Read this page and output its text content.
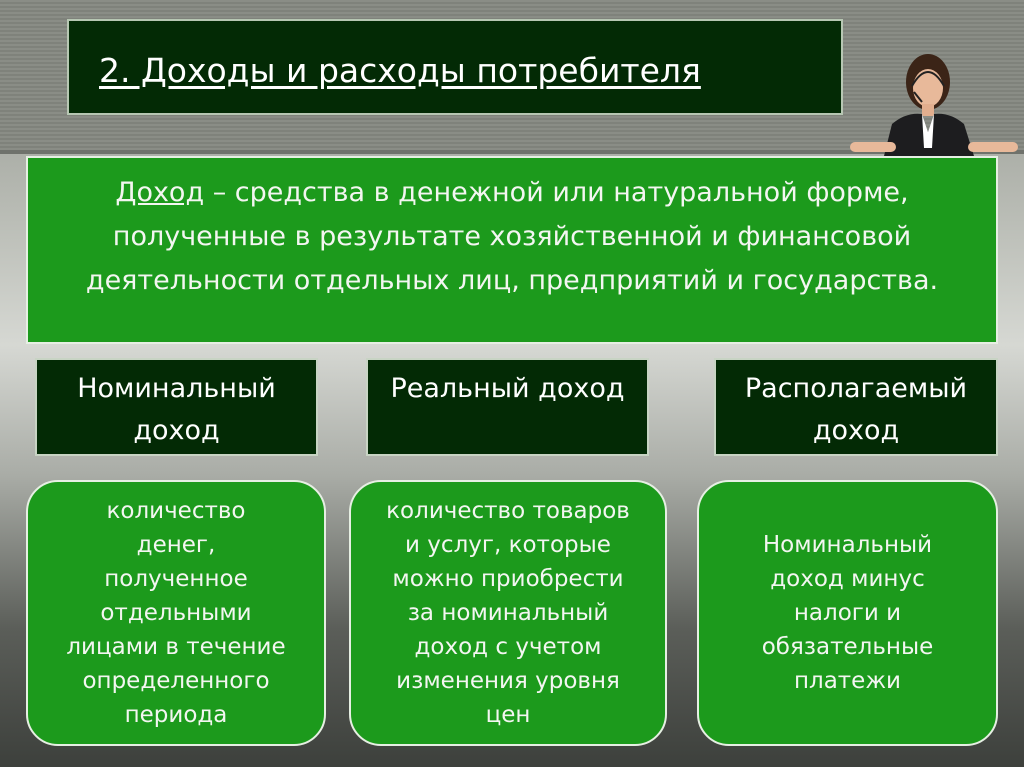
2. Доходы и расходы потребителя
Доход – средства в денежной или натуральной форме, полученные в результате хозяйственной и финансовой деятельности отдельных лиц, предприятий и государства.
Номинальный доход
Реальный доход	Располагаемый доход
количество
денег,
полученное
отдельными
лицами в течение
определенного
периода
количество товаров
и услуг, которые
можно приобрести
за номинальный
доход с учетом
изменения уровня
цен
Номинальный
доход минус
налоги и
обязательные
платежи
